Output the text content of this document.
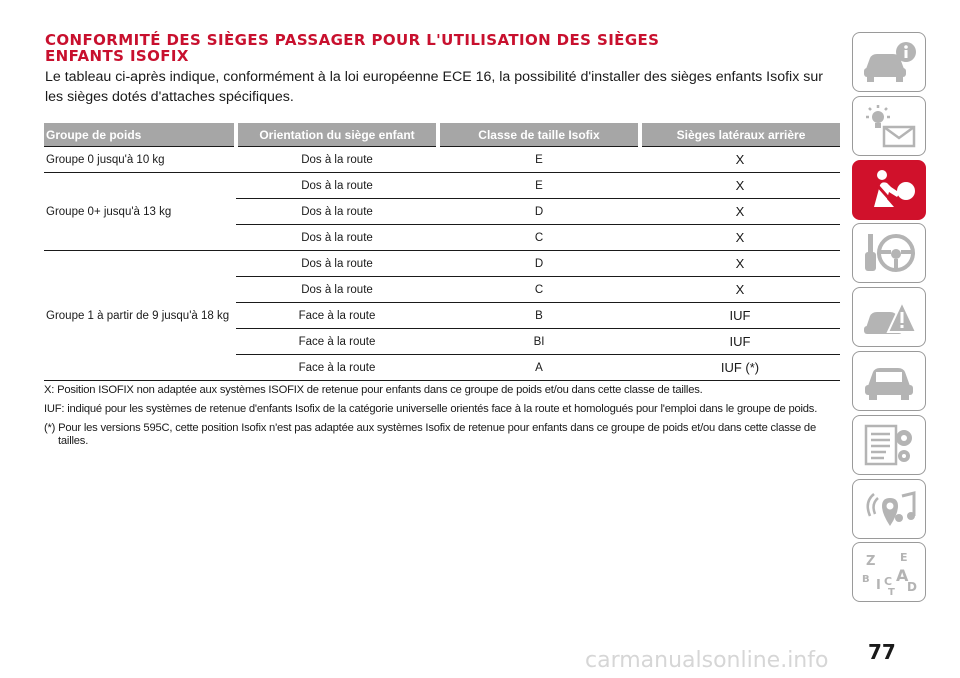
CONFORMITÉ DES SIÈGES PASSAGER POUR L'UTILISATION DES SIÈGES
ENFANTS ISOFIX
Le tableau ci-après indique, conformément à la loi européenne ECE 16, la possibilité d'installer des sièges enfants Isofix sur les sièges dotés d'attaches spécifiques.
Groupe de poids	Orientation du siège enfant	Classe de taille Isofix	Sièges latéraux arrière
Groupe 0 jusqu'à 10 kg	Dos à la route	E	X
Groupe 0+ jusqu'à 13 kg	Dos à la route	E	X
	Dos à la route	D	X
	Dos à la route	C	X
Groupe 1 à partir de 9 jusqu'à 18 kg	Dos à la route	D	X
	Dos à la route	C	X
	Face à la route	B	IUF
	Face à la route	BI	IUF
	Face à la route	A	IUF (*)

X: Position ISOFIX non adaptée aux systèmes ISOFIX de retenue pour enfants dans ce groupe de poids et/ou dans cette classe de tailles.

IUF: indiqué pour les systèmes de retenue d'enfants Isofix de la catégorie universelle orientés face à la route et homologués pour l'emploi dans le groupe de poids.

(*) Pour les versions 595C, cette position Isofix n'est pas adaptée aux systèmes Isofix de retenue pour enfants dans ce groupe de poids et/ou dans cette classe de tailles.

Z E
B A
I C
T D
carmanualsonline.info 77
